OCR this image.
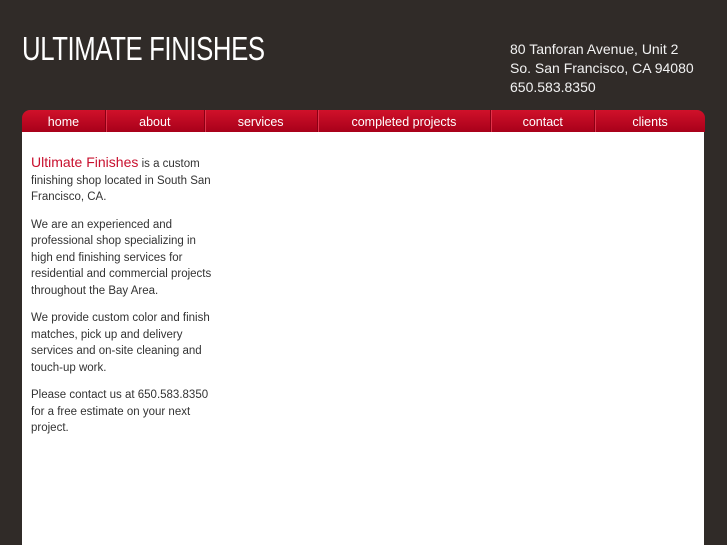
ULTIMATE FINISHES	80 Tanforan Avenue, Unit 2
So. San Francisco, CA 94080
650.583.8350
home	about	services	completed projects	contact	clients

Ultimate Finishes is a custom finishing shop located in South San Francisco, CA.

We are an experienced and professional shop specializing in high end finishing services for residential and commercial projects throughout the Bay Area.

We provide custom color and finish matches, pick up and delivery services and on-site cleaning and touch-up work.

Please contact us at 650.583.8350 for a free estimate on your next project.
